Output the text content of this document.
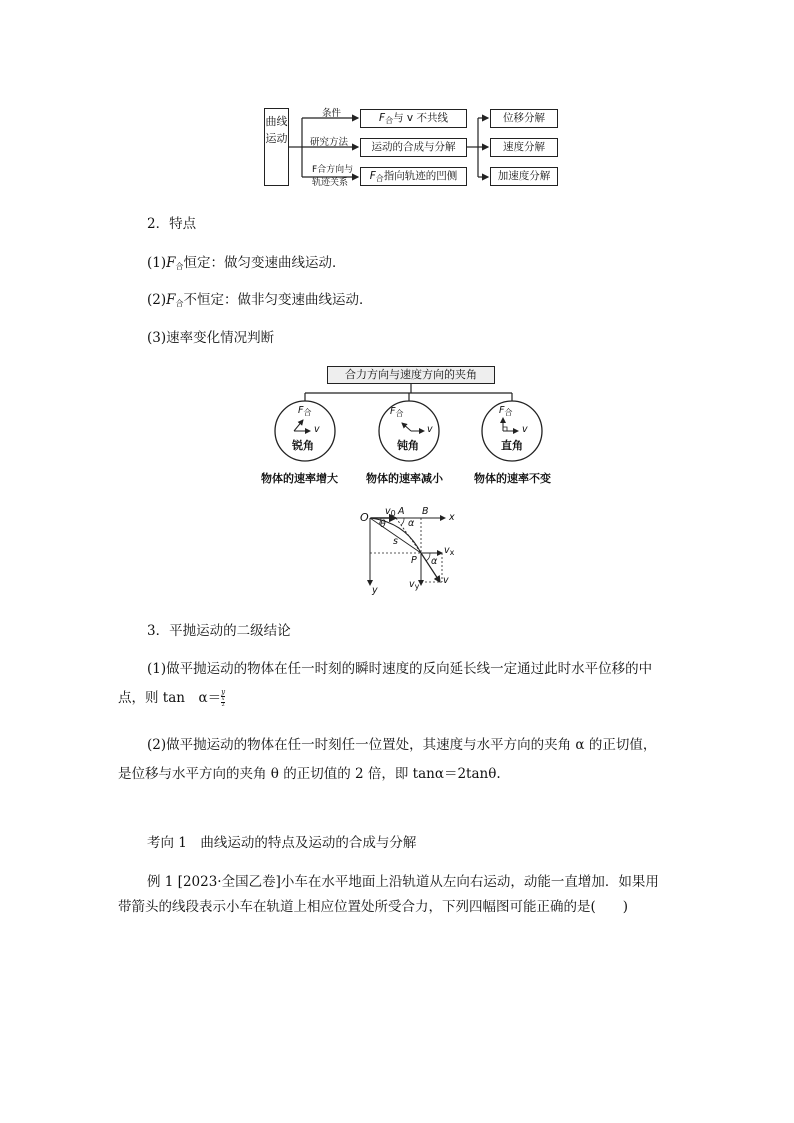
曲线运动
条件
研究方法
F合方向与
轨迹关系
$F_合$与 v 不共线
运动的合成与分解
$F_合$指向轨迹的凹侧
位移分解
速度分解
加速度分解
2．特点
$(1)F_合$恒定：做匀变速曲线运动．
$(2)F_合$不恒定：做非匀变速曲线运动．
(3)速率变化情况判断
合力方向与速度方向的夹角
$F_合$
v
锐角
$F_合$
v
钝角
$F_合$
v
直角
物体的速率增大	物体的速率减小	物体的速率不变
O $v_0$ A B
x
θ α
s
P α
$v_x$
$v_y$
v
y
3．平抛运动的二级结论
(1)做平抛运动的物体在任一时刻的瞬时速度的反向延长线一定通过此时水平位移的中
点，则 tan　α＝ y
x
2
(2)做平抛运动的物体在任一时刻任一位置处，其速度与水平方向的夹角 α 的正切值，
是位移与水平方向的夹角 θ 的正切值的 2 倍，即 tanα＝2tanθ.
考向 1　曲线运动的特点及运动的合成与分解
例 1 [2023·全国乙卷]小车在水平地面上沿轨道从左向右运动，动能一直增加．如果用
带箭头的线段表示小车在轨道上相应位置处所受合力，下列四幅图可能正确的是(　　)
